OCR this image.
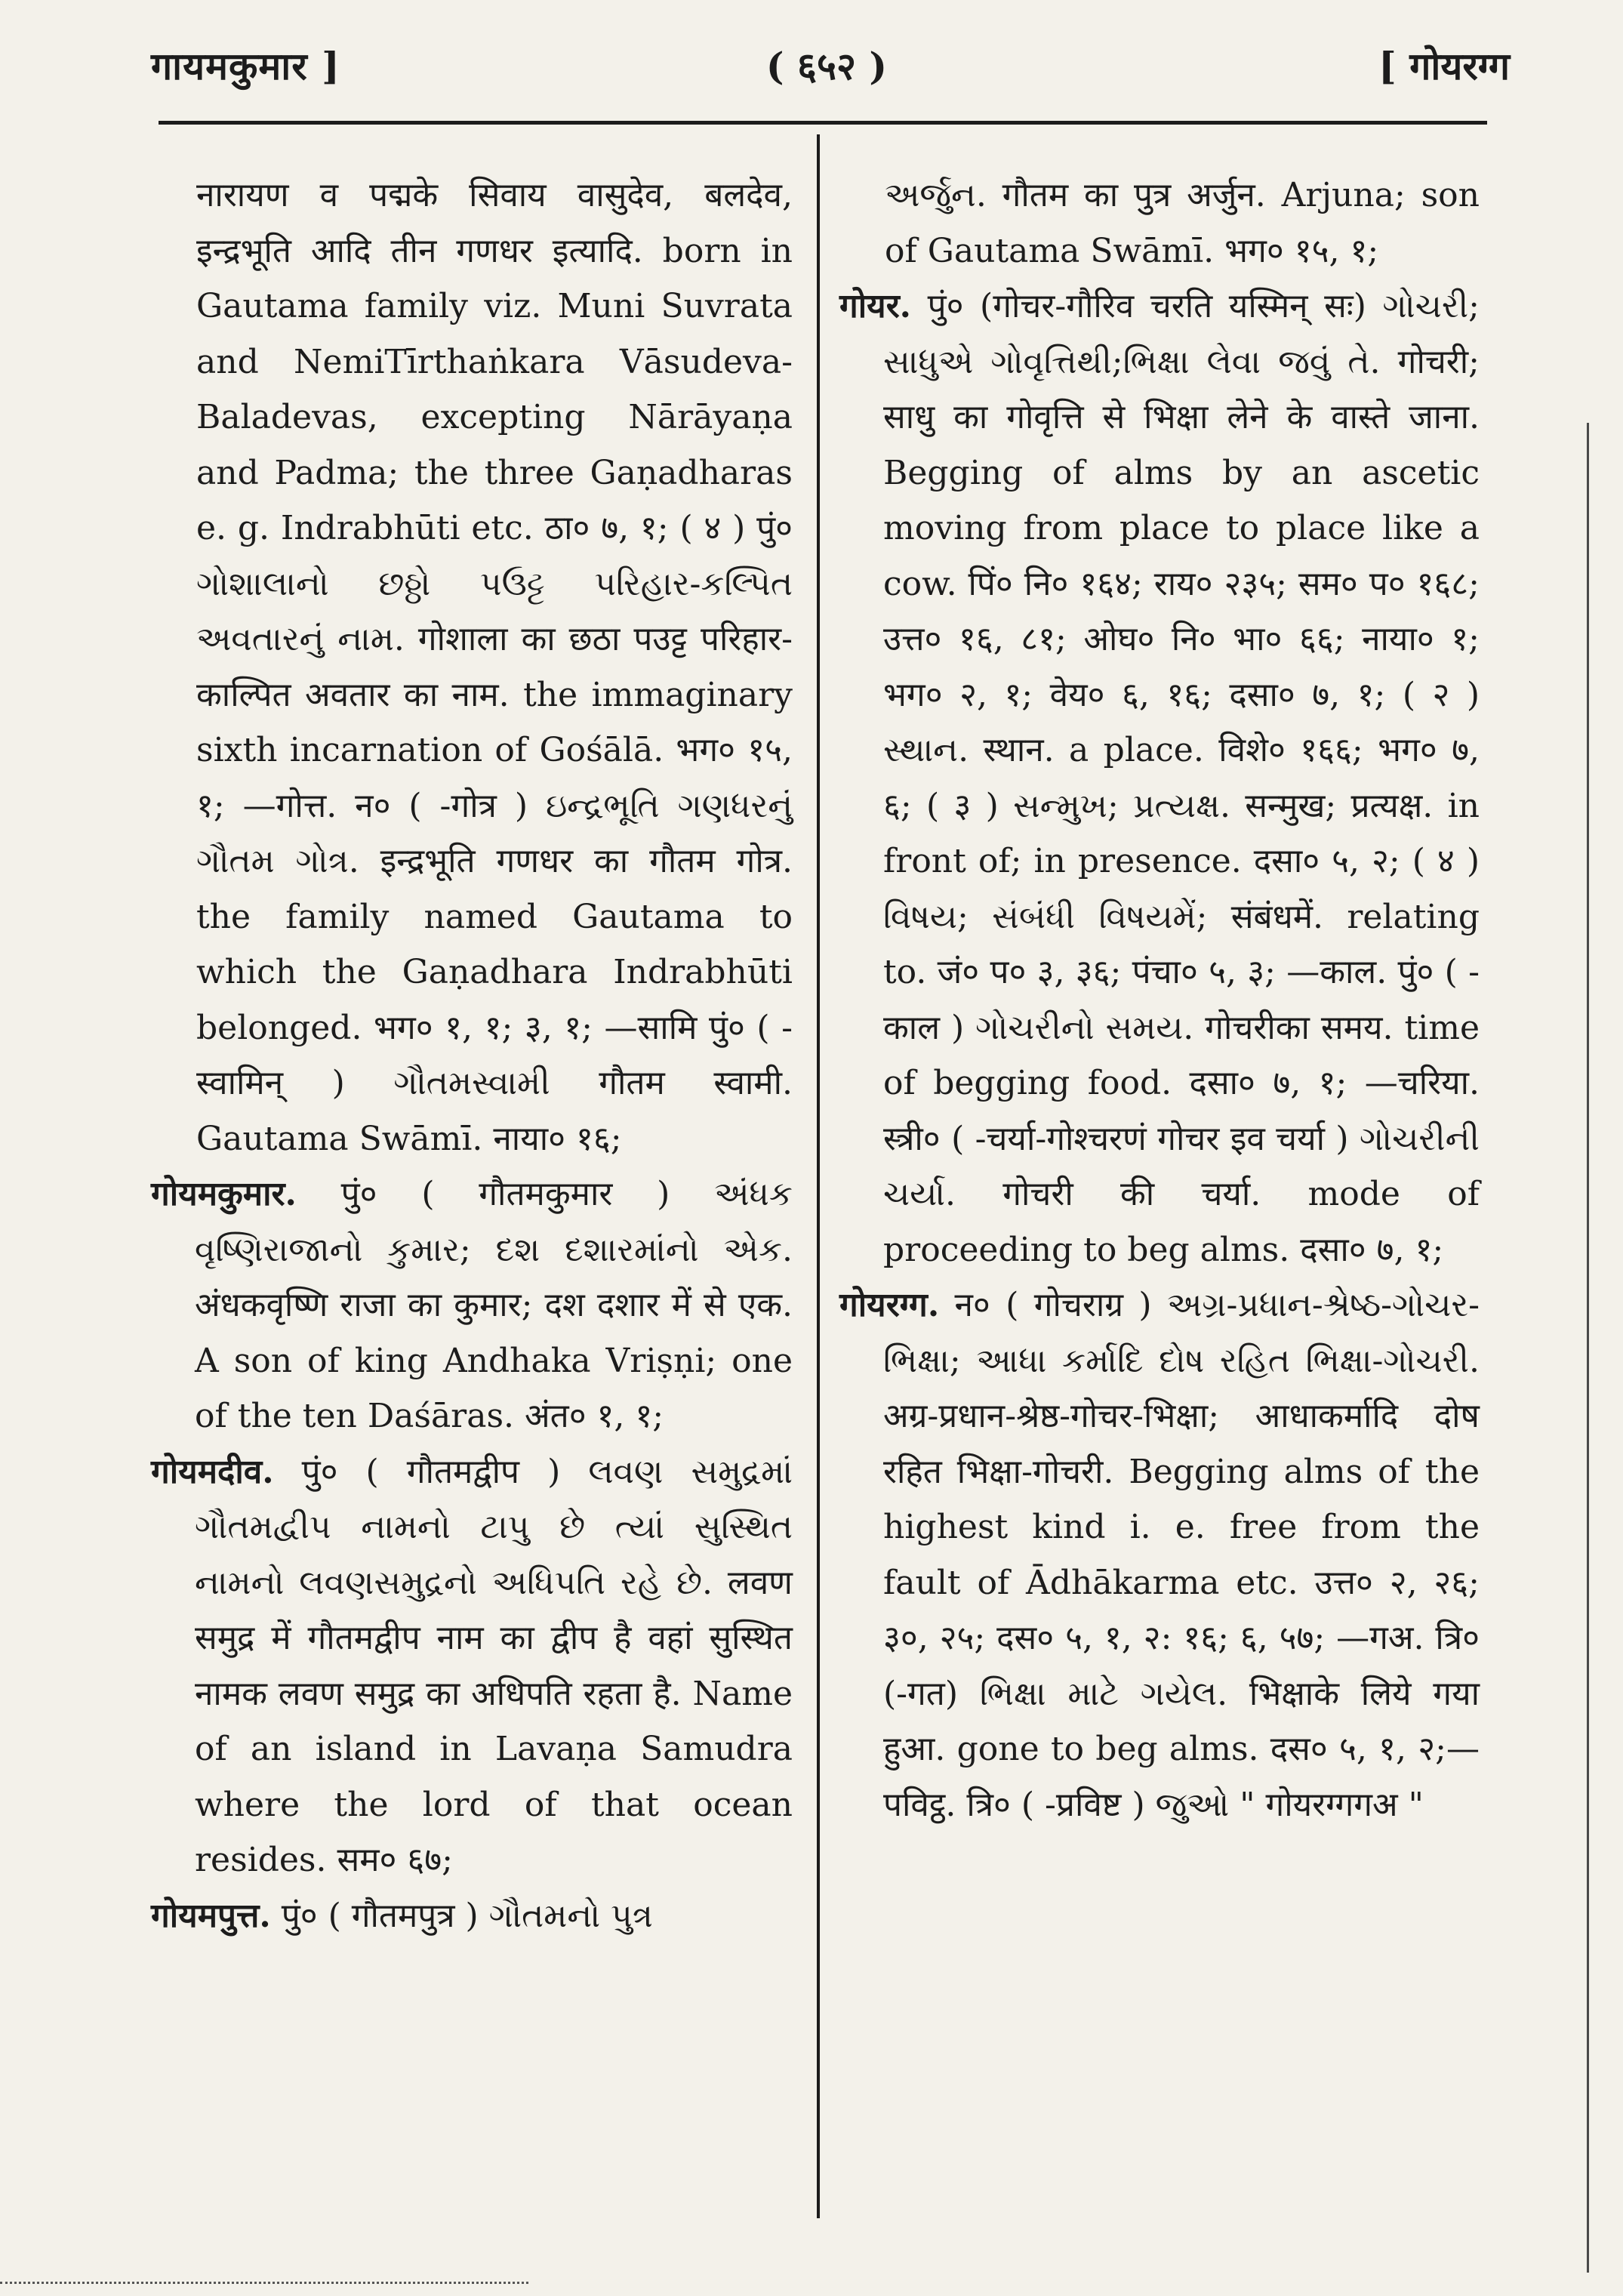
गायमकुमार ]	( ६५२ )	[ गोयरग्ग

नारायण व पद्मके सिवाय वासुदेव, बलदेव, इन्द्रभूति आदि तीन गणधर इत्यादि. born in Gautama family viz. Muni Suvrata and NemiTīrthaṅkara Vāsudeva-Baladevas, excepting Nārāyaṇa and Padma; the three Gaṇadharas e. g. Indrabhūti etc. ठा० ७, १; ( ४ ) पुं० ગોશાલાનો છઠ્ઠો પઉટ્ટ પરિહાર-કલ્પિત અવતારનું નામ. गोशाला का छठा पउट्ट परिहार-काल्पित अवतार का नाम. the immaginary sixth incarnation of Gośālā. भग० १५, १; —गोत्त. न० ( -गोत्र ) ઇન્દ્રભૂતિ ગણધરનું ગૌતમ ગોત્ર. इन्द्रभूति गणधर का गौतम गोत्र. the family named Gautama to which the Gaṇadhara Indrabhūti belonged. भग० १, १; ३, १; —सामि पुं० ( -स्वामिन् ) ગૌતમસ્વામી गौतम स्वामी. Gautama Swāmī. नाया० १६;

गोयमकुमार. पुं० ( गौतमकुमार ) અંધક વૃષ્ણિરાજાનો કુમાર; દશ દશારમાંનો એક. अंधकवृष्णि राजा का कुमार; दश दशार में से एक. A son of king Andhaka Vriṣṇi; one of the ten Daśāras. अंत० १, १;

गोयमदीव. पुं० ( गौतमद्वीप ) લવણ સમુદ્રમાં ગૌતમદ્વીપ નામનો ટાપુ છે ત્યાં સુસ્થિત નામનો લવણસમુદ્રનો અધિપતિ રહે છે. लवण समुद्र में गौतमद्वीप नाम का द्वीप है वहां सुस्थित नामक लवण समुद्र का अधिपति रहता है. Name of an island in Lavaṇa Samudra where the lord of that ocean resides. सम० ६७;

गोयमपुत्त. पुं० ( गौतमपुत्र ) ગૌતમનો પુત્ર

અર્જુન. गौतम का पुत्र अर्जुन. Arjuna; son of Gautama Swāmī. भग० १५, १;

गोयर. पुं० (गोचर-गौरिव चरति यस्मिन् सः) ગોચરી; સાધુએ ગોવૃત્તિથી;ભિક્ષા લેવા જવું તે. गोचरी; साधु का गोवृत्ति से भिक्षा लेने के वास्ते जाना. Begging of alms by an ascetic moving from place to place like a cow. पिं० नि० १६४; राय० २३५; सम० प० १६८; उत्त० १६, ८१; ओघ० नि० भा० ६६; नाया० १; भग० २, १; वेय० ६, १६; दसा० ७, १; ( २ ) સ્થાન. स्थान. a place. विशे० १६६; भग० ७, ६; ( ३ ) સન્મુખ; પ્રત્યક્ષ. सन्मुख; प्रत्यक्ष. in front of; in presence. दसा० ५, २; ( ४ ) વિષય; સંબંધી વિષયમેં; संबंधमें. relating to. जं० प० ३, ३६; पंचा० ५, ३; —काल. पुं० ( -काल ) ગોચરીનો સમય. गोचरीका समय. time of begging food. दसा० ७, १; —चरिया. स्त्री० ( -चर्या-गोश्चरणं गोचर इव चर्या ) ગોચરીની ચર્યા. गोचरी की चर्या. mode of proceeding to beg alms. दसा० ७, १;

गोयरग्ग. न० ( गोचराग्र ) અગ્ર-પ્રધાન-શ્રેષ્ઠ-ગોચર-ભિક્ષા; આધા કર્માદિ દોષ રહિત ભિક્ષા-ગોચરી. अग्र-प्रधान-श्रेष्ठ-गोचर-भिक्षा; आधाकर्मादि दोष रहित भिक्षा-गोचरी. Begging alms of the highest kind i. e. free from the fault of Ādhākarma etc. उत्त० २, २६; ३०, २५; दस० ५, १, २: १६; ६, ५७; —गअ. त्रि० (-गत) ભિક્ષા માટે ગયેલ. भिक्षाके लिये गया हुआ. gone to beg alms. दस० ५, १, २;—पविट्ठ. त्रि० ( -प्रविष्ट ) જુઓ " गोयरग्गगअ "
